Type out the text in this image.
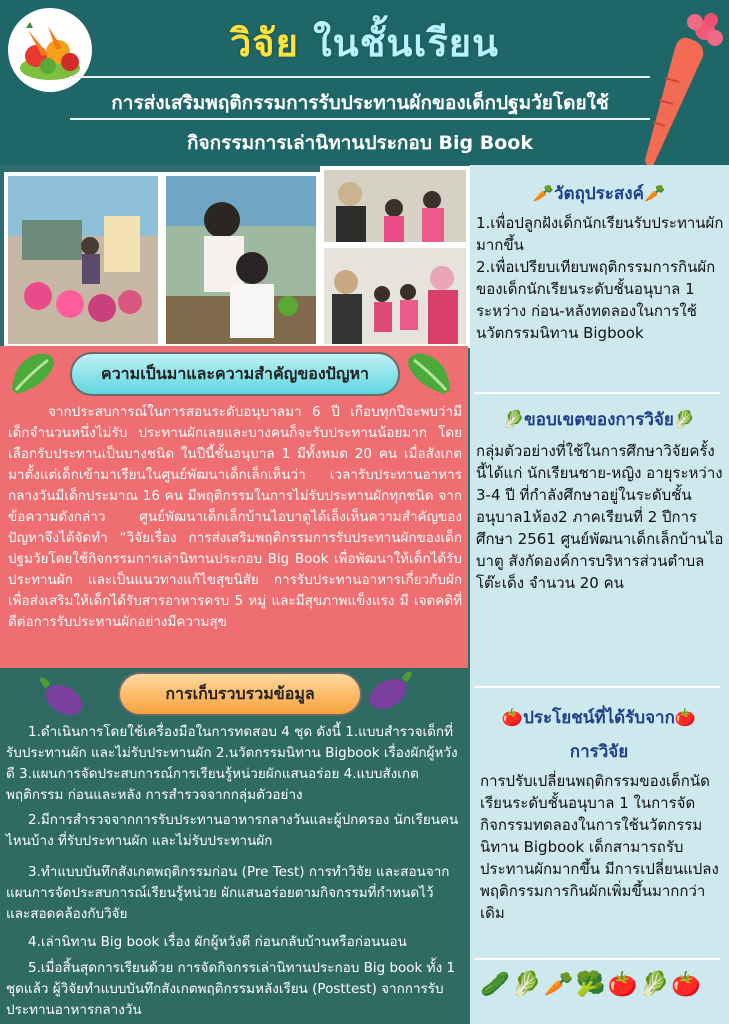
วิจัย ในชั้นเรียน
การส่งเสริมพฤติกรรมการรับประทานผักของเด็กปฐมวัยโดยใช้
กิจกรรมการเล่านิทานประกอบ Big Book
ความเป็นมาและความสำคัญของปัญหา
จากประสบการณ์ในการสอนระดับอนุบาลมา 6 ปี เกือบทุกปีจะพบว่ามีเด็กจำนวนหนึ่งไม่รับ ประทานผักเลยและบางคนก็จะรับประทานน้อยมาก โดยเลือกรับประทานเป็นบางชนิด ในปีนี้ชั้นอนุบาล 1 มีทั้งหมด 20 คน เมื่อสังเกตมาตั้งแต่เด็กเข้ามาเรียนในศูนย์พัฒนาเด็กเล็กเห็นว่า เวลารับประทานอาหารกลางวันมีเด็กประมาณ 16 คน มีพฤติกรรมในการไม่รับประทานผักทุกชนิด จากข้อความดังกล่าว ศูนย์พัฒนาเด็กเล็กบ้านไอบาตูได้เล็งเห็นความสำคัญของปัญหาจึงได้จัดทำ “วิจัยเรื่อง การส่งเสริมพฤติกรรมการรับประทานผักของเด็กปฐมวัยโดยใช้กิจกรรมการเล่านิทานประกอบ Big Book เพื่อพัฒนาให้เด็กได้รับประทานผัก และเป็นแนวทางแก้ไขสุขนิสัย การรับประทานอาหารเกี่ยวกับผักเพื่อส่งเสริมให้เด็กได้รับสารอาหารครบ 5 หมู่ และมีสุขภาพแข็งแรง มี เจตคติที่ดีต่อการรับประทานผักอย่างมีความสุข
การเก็บรวบรวมข้อมูล
1.ดำเนินการโดยใช้เครื่องมือในการทดสอบ 4 ชุด ดังนี้ 1.แบบสำรวจเด็กที่รับประทานผัก และไม่รับประทานผัก 2.นวัตกรรมนิทาน Bigbook เรื่องผักผู้หวังดี 3.แผนการจัดประสบการณ์การเรียนรู้หน่วยผักแสนอร่อย 4.แบบสังเกตพฤติกรรม ก่อนและหลัง การสำรวจจากกลุ่มตัวอย่าง
2.มีการสำรวจจากการรับประทานอาหารกลางวันและผู้ปกครอง นักเรียนคนไหนบ้าง ที่รับประทานผัก และไม่รับประทานผัก
3.ทำแบบบันทึกสังเกตพฤติกรรมก่อน (Pre Test) การทำวิจัย และสอนจากแผนการจัดประสบการณ์เรียนรู้หน่วย ผักแสนอร่อยตามกิจกรรมที่กำหนดไว้ และสอดคล้องกับวิจัย
4.เล่านิทาน Big book เรื่อง ผักผู้หวังดี ก่อนกลับบ้านหรือก่อนนอน
5.เมื่อสิ้นสุดการเรียนด้วย การจัดกิจกรรเล่านิทานประกอบ Big book ทั้ง 1 ชุดแล้ว ผู้วิจัยทำแบบบันทึกสังเกตพฤติกรรมหลังเรียน (Posttest) จากการรับประทานอาหารกลางวัน
🥕วัตถุประสงค์🥕
1.เพื่อปลูกฝังเด็กนักเรียนรับประทานผักมากขึ้น
2.เพื่อเปรียบเทียบพฤติกรรมการกินผักของเด็กนักเรียนระดับชั้นอนุบาล 1 ระหว่าง ก่อน-หลังทดลองในการใช้นวัตกรรมนิทาน Bigbook
🥬ขอบเขตของการวิจัย🥬
กลุ่มตัวอย่างที่ใช้ในการศึกษาวิจัยครั้งนี้ได้แก่ นักเรียนชาย-หญิง อายุระหว่าง 3-4 ปี ที่กำลังศึกษาอยู่ในระดับชั้น อนุบาล1ห้อง2 ภาคเรียนที่ 2 ปีการศึกษา 2561 ศูนย์พัฒนาเด็กเล็กบ้านไอบาตู สังกัดองค์การบริหารส่วนตำบลโต๊ะเด็ง จำนวน 20 คน
🍅ประโยชน์ที่ได้รับจาก🍅
การวิจัย
การปรับเปลี่ยนพฤติกรรมของเด็กนัดเรียนระดับชั้นอนุบาล 1 ในการจัดกิจกรรมทดลองในการใช้นวัตกรรมนิทาน Bigbook เด็กสามารถรับประทานผักมากขึ้น มีการเปลี่ยนแปลงพฤติกรรมการกินผักเพิ่มขึ้นมากกว่าเดิม
🥒🥬🥕🥦🍅🥬🍅
